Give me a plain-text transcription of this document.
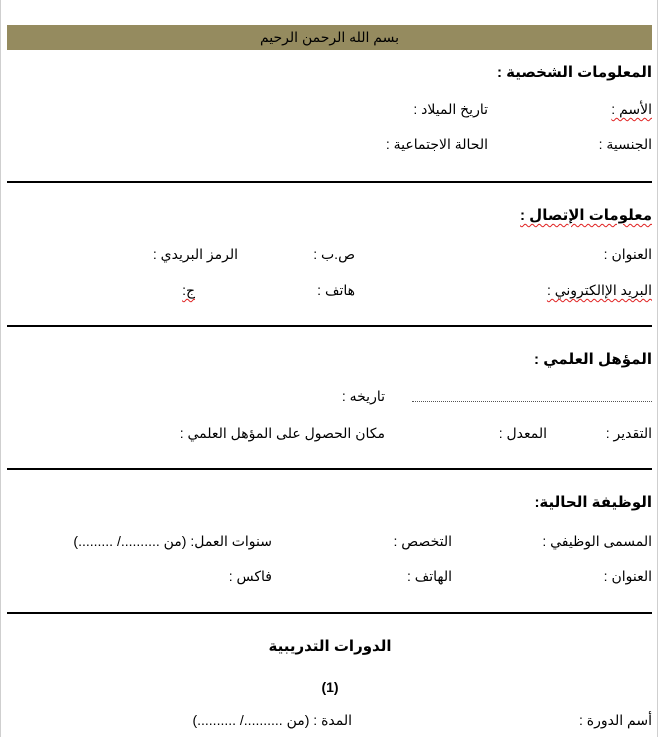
بسم الله الرحمن الرحيم
المعلومات الشخصية :
الأسم :
تاريخ الميلاد :
الجنسية :
الحالة الاجتماعية :
معلومات الإتصال :
العنوان :
ص.ب :
الرمز البريدي :
البريد الإالكتروني :
هاتف :
ج:
المؤهل العلمي :
تاريخه :
التقدير :
المعدل :
مكان الحصول على المؤهل العلمي :
الوظيفة الحالية:
المسمى الوظيفي :
التخصص :
سنوات العمل: (من ........../ .........)
العنوان :
الهاتف :
فاكس :
الدورات التدريبية
(1)
أسم الدورة :
المدة : (من ........../ ..........)
